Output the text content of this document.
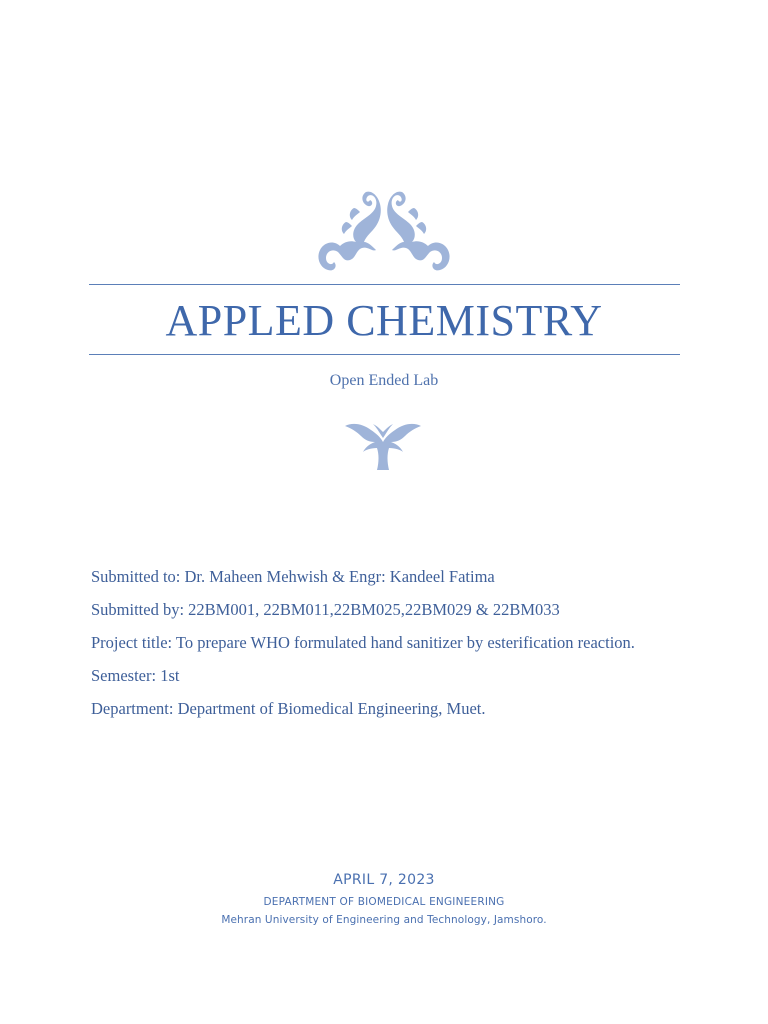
APPLED CHEMISTRY
Open Ended Lab
Submitted to: Dr. Maheen Mehwish & Engr: Kandeel Fatima
Submitted by: 22BM001, 22BM011,22BM025,22BM029 & 22BM033
Project title: To prepare WHO formulated hand sanitizer by esterification reaction.
Semester: 1st
Department: Department of Biomedical Engineering, Muet.
APRIL 7, 2023
DEPARTMENT OF BIOMEDICAL ENGINEERING
Mehran University of Engineering and Technology, Jamshoro.
